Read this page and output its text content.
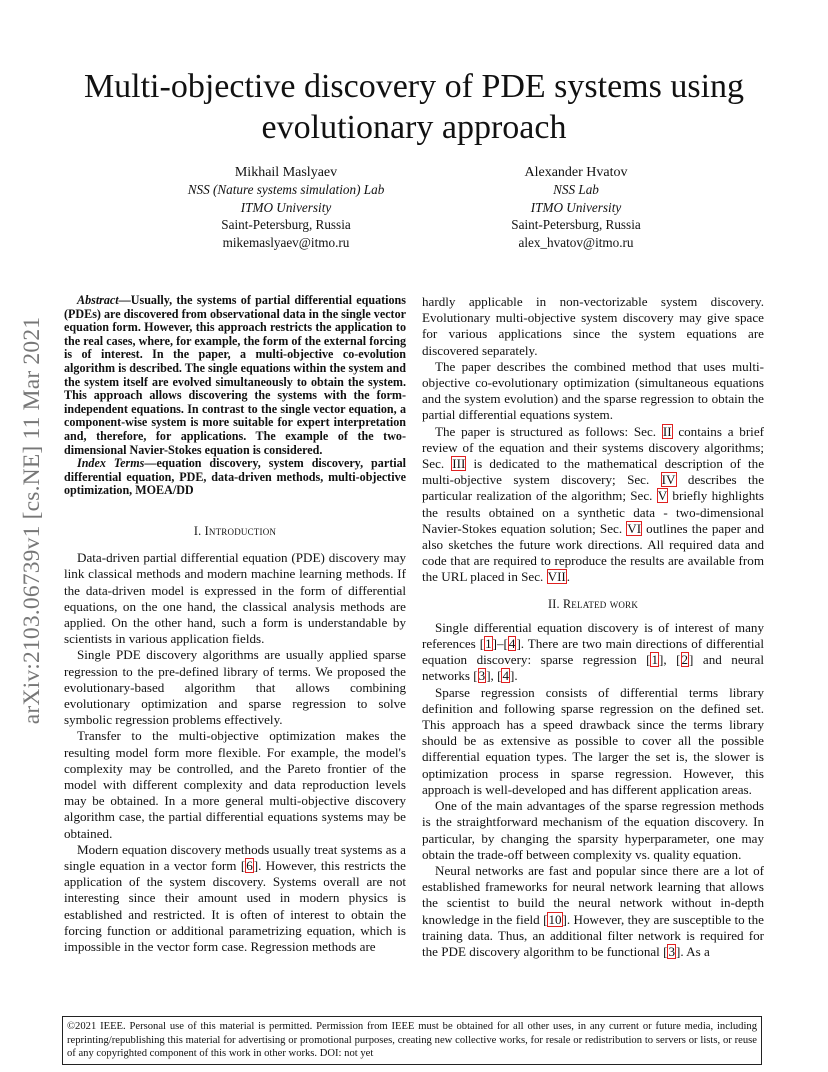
Multi-objective discovery of PDE systems using evolutionary approach
Mikhail Maslyaev
NSS (Nature systems simulation) Lab
ITMO University
Saint-Petersburg, Russia
mikemaslyaev@itmo.ru
Alexander Hvatov
NSS Lab
ITMO University
Saint-Petersburg, Russia
alex_hvatov@itmo.ru
arXiv:2103.06739v1 [cs.NE] 11 Mar 2021

Abstract—Usually, the systems of partial differential equations (PDEs) are discovered from observational data in the single vector equation form. However, this approach restricts the application to the real cases, where, for example, the form of the external forcing is of interest. In the paper, a multi-objective co-evolution algorithm is described. The single equations within the system and the system itself are evolved simultaneously to obtain the system. This approach allows discovering the systems with the form-independent equations. In contrast to the single vector equation, a component-wise system is more suitable for expert interpretation and, therefore, for applications. The example of the two-dimensional Navier-Stokes equation is considered.

Index Terms—equation discovery, system discovery, partial differential equation, PDE, data-driven methods, multi-objective optimization, MOEA/DD

I. Introduction

Data-driven partial differential equation (PDE) discovery may link classical methods and modern machine learning methods. If the data-driven model is expressed in the form of differential equations, on the one hand, the classical analysis methods are applied. On the other hand, such a form is understandable by scientists in various application fields.

Single PDE discovery algorithms are usually applied sparse regression to the pre-defined library of terms. We proposed the evolutionary-based algorithm that allows combining evolutionary optimization and sparse regression to solve symbolic regression problems effectively.

Transfer to the multi-objective optimization makes the resulting model form more flexible. For example, the model's complexity may be controlled, and the Pareto frontier of the model with different complexity and data reproduction levels may be obtained. In a more general multi-objective discovery algorithm case, the partial differential equations systems may be obtained.

Modern equation discovery methods usually treat systems as a single equation in a vector form [6]. However, this restricts the application of the system discovery. Systems overall are not interesting since their amount used in modern physics is established and restricted. It is often of interest to obtain the forcing function or additional parametrizing equation, which is impossible in the vector form case. Regression methods are

hardly applicable in non-vectorizable system discovery. Evolutionary multi-objective system discovery may give space for various applications since the system equations are discovered separately.

The paper describes the combined method that uses multi-objective co-evolutionary optimization (simultaneous equations and the system evolution) and the sparse regression to obtain the partial differential equations system.

The paper is structured as follows: Sec. II contains a brief review of the equation and their systems discovery algorithms; Sec. III is dedicated to the mathematical description of the multi-objective system discovery; Sec. IV describes the particular realization of the algorithm; Sec. V briefly highlights the results obtained on a synthetic data - two-dimensional Navier-Stokes equation solution; Sec. VI outlines the paper and also sketches the future work directions. All required data and code that are required to reproduce the results are available from the URL placed in Sec. VII.

II. Related work

Single differential equation discovery is of interest of many references [1]–[4]. There are two main directions of differential equation discovery: sparse regression [1], [2] and neural networks [3], [4].

Sparse regression consists of differential terms library definition and following sparse regression on the defined set. This approach has a speed drawback since the terms library should be as extensive as possible to cover all the possible differential equation types. The larger the set is, the slower is optimization process in sparse regression. However, this approach is well-developed and has different application areas.

One of the main advantages of the sparse regression methods is the straightforward mechanism of the equation discovery. In particular, by changing the sparsity hyperparameter, one may obtain the trade-off between complexity vs. quality equation.

Neural networks are fast and popular since there are a lot of established frameworks for neural network learning that allows the scientist to build the neural network without in-depth knowledge in the field [10]. However, they are susceptible to the training data. Thus, an additional filter network is required for the PDE discovery algorithm to be functional [3]. As a

©2021 IEEE. Personal use of this material is permitted. Permission from IEEE must be obtained for all other uses, in any current or future media, including reprinting/republishing this material for advertising or promotional purposes, creating new collective works, for resale or redistribution to servers or lists, or reuse of any copyrighted component of this work in other works. DOI: not yet
